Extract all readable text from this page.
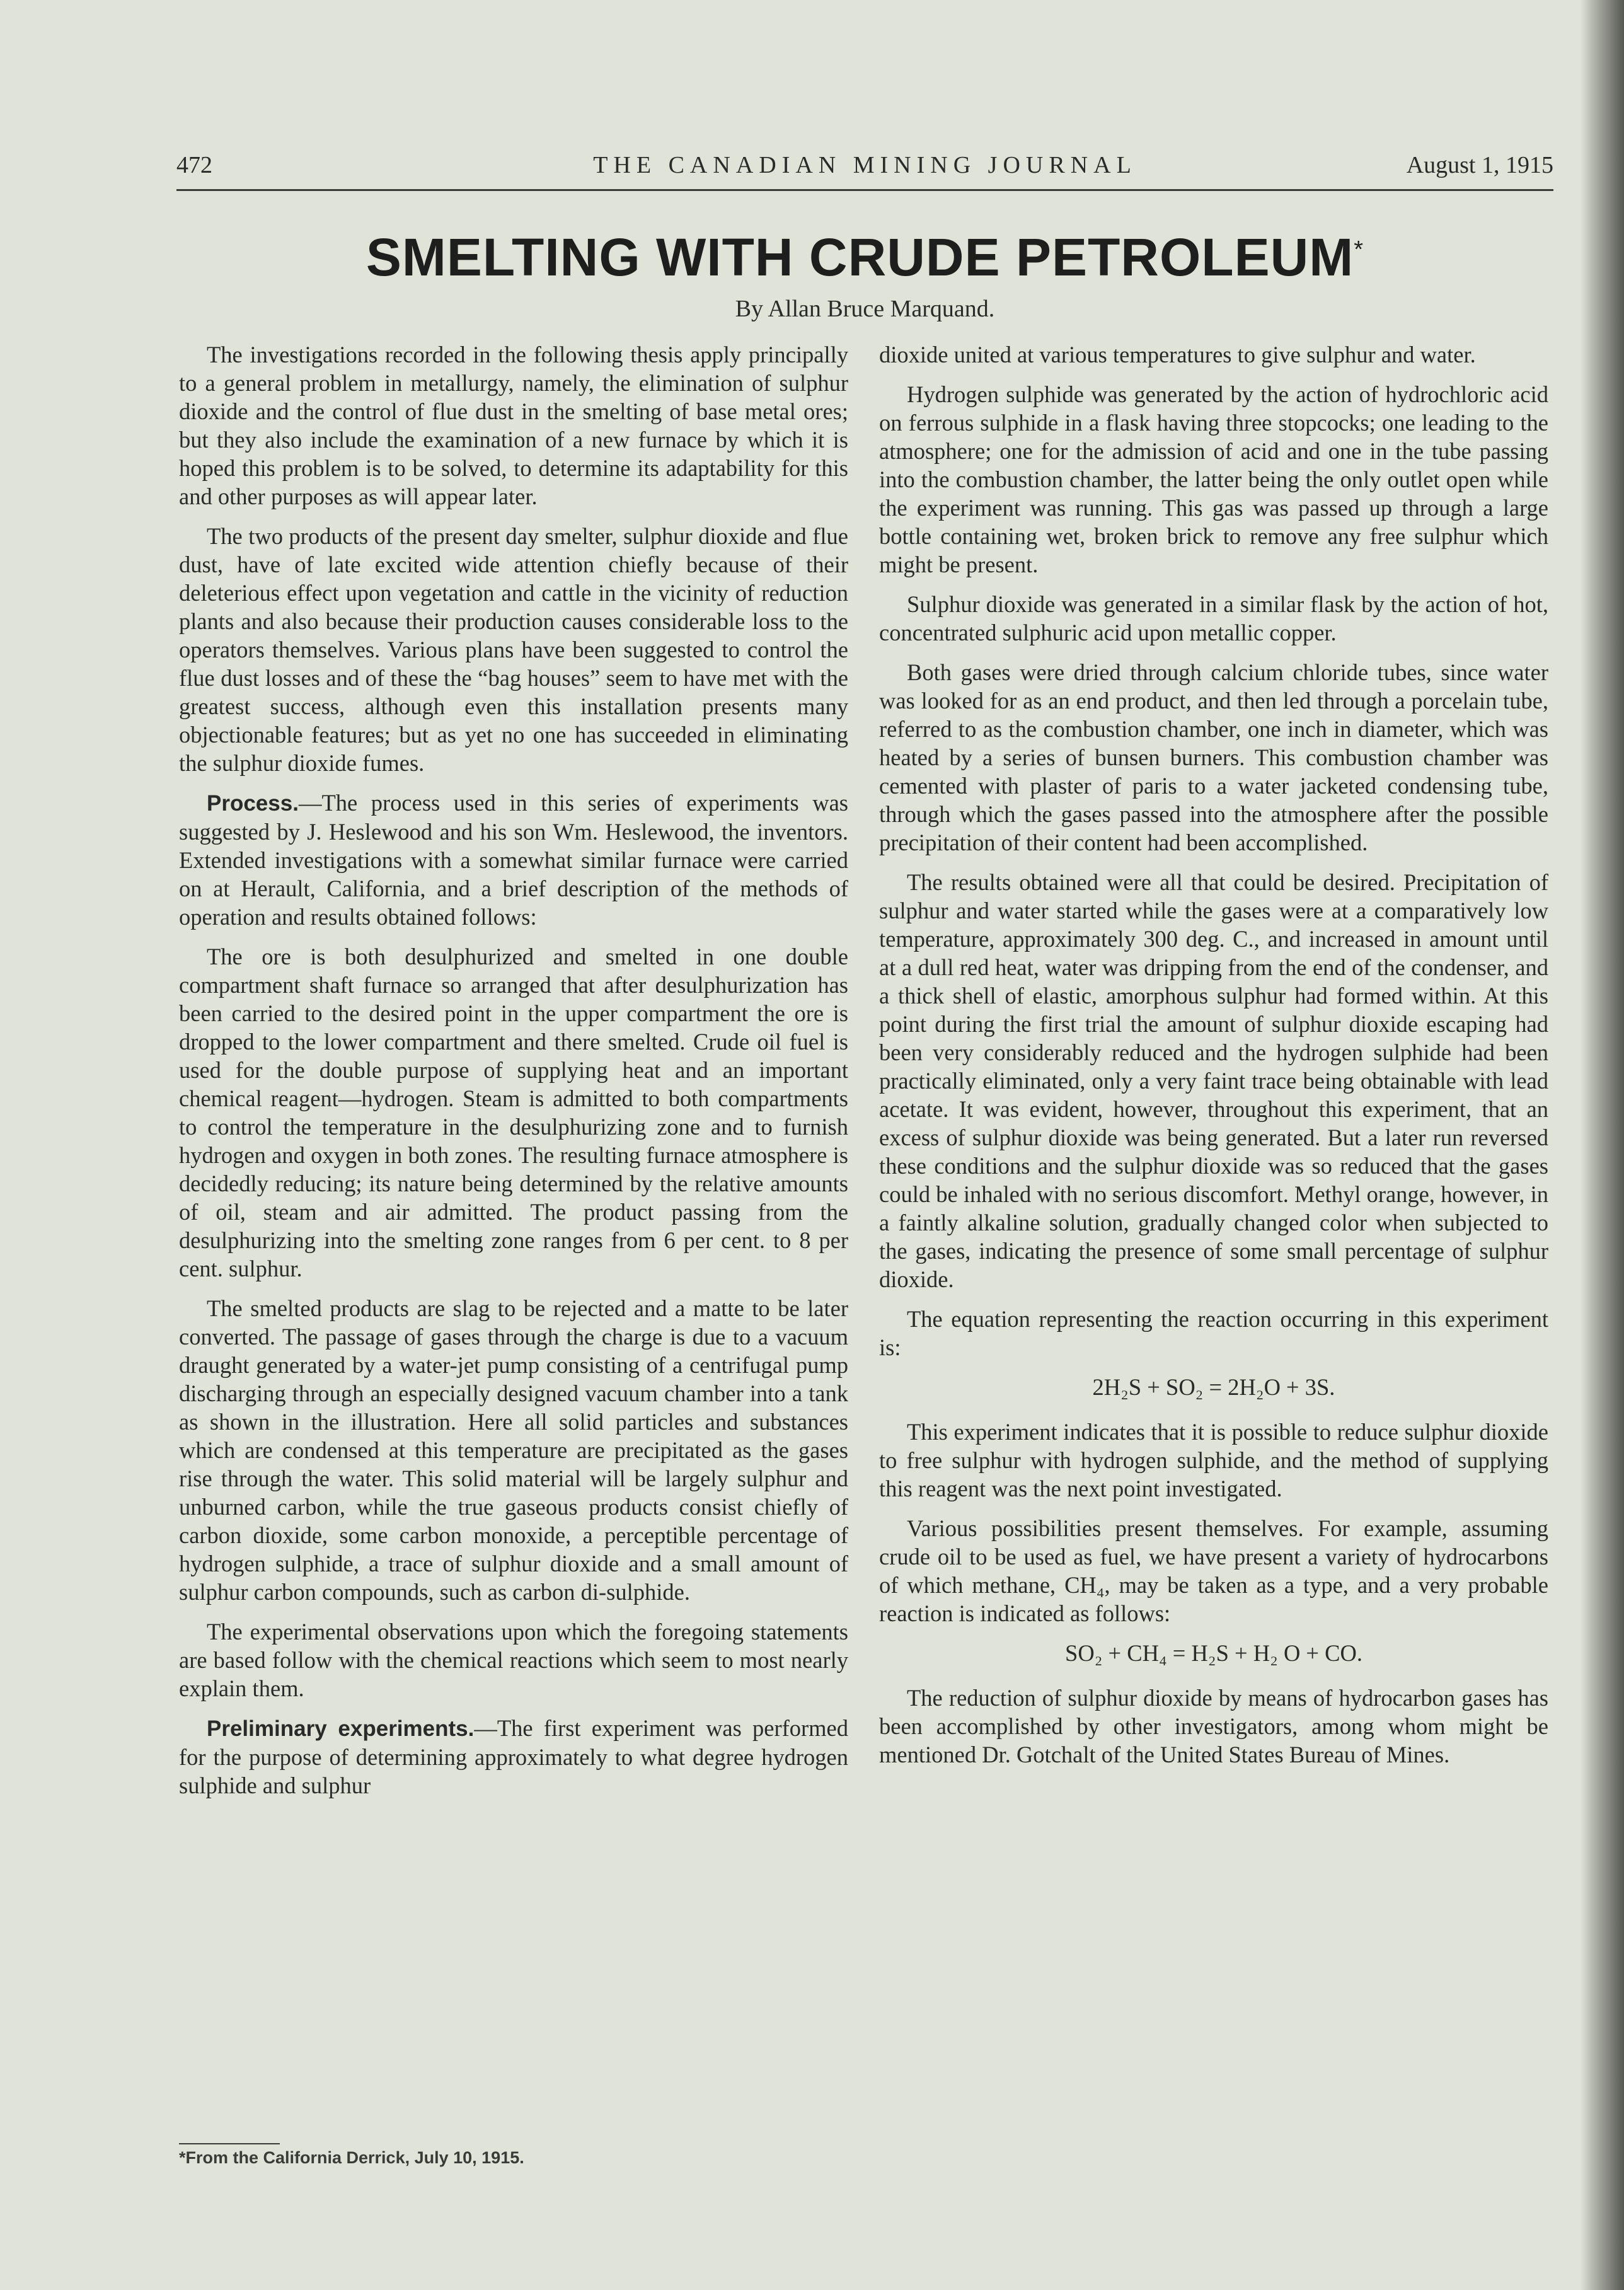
472	THE CANADIAN MINING JOURNAL	August 1, 1915
SMELTING WITH CRUDE PETROLEUM*
By Allan Bruce Marquand.

The investigations recorded in the following thesis apply principally to a general problem in metallurgy, namely, the elimination of sulphur dioxide and the control of flue dust in the smelting of base metal ores; but they also include the examination of a new furnace by which it is hoped this problem is to be solved, to determine its adaptability for this and other purposes as will appear later.

The two products of the present day smelter, sulphur dioxide and flue dust, have of late excited wide attention chiefly because of their deleterious effect upon vegetation and cattle in the vicinity of reduction plants and also because their production causes considerable loss to the operators themselves. Various plans have been suggested to control the flue dust losses and of these the “bag houses” seem to have met with the greatest success, although even this installation presents many objectionable features; but as yet no one has succeeded in eliminating the sulphur dioxide fumes.

Process.—The process used in this series of experiments was suggested by J. Heslewood and his son Wm. Heslewood, the inventors. Extended investigations with a somewhat similar furnace were carried on at Herault, California, and a brief description of the methods of operation and results obtained follows:

The ore is both desulphurized and smelted in one double compartment shaft furnace so arranged that after desulphurization has been carried to the desired point in the upper compartment the ore is dropped to the lower compartment and there smelted. Crude oil fuel is used for the double purpose of supplying heat and an important chemical reagent—hydrogen. Steam is admitted to both compartments to control the temperature in the desulphurizing zone and to furnish hydrogen and oxygen in both zones. The resulting furnace atmosphere is decidedly reducing; its nature being determined by the relative amounts of oil, steam and air admitted. The product passing from the desulphurizing into the smelting zone ranges from 6 per cent. to 8 per cent. sulphur.

The smelted products are slag to be rejected and a matte to be later converted. The passage of gases through the charge is due to a vacuum draught generated by a water-jet pump consisting of a centrifugal pump discharging through an especially designed vacuum chamber into a tank as shown in the illustration. Here all solid particles and substances which are condensed at this temperature are precipitated as the gases rise through the water. This solid material will be largely sulphur and unburned carbon, while the true gaseous products consist chiefly of carbon dioxide, some carbon monoxide, a perceptible percentage of hydrogen sulphide, a trace of sulphur dioxide and a small amount of sulphur carbon compounds, such as carbon di-sulphide.

The experimental observations upon which the foregoing statements are based follow with the chemical reactions which seem to most nearly explain them.

Preliminary experiments.—The first experiment was performed for the purpose of determining approximately to what degree hydrogen sulphide and sulphur

dioxide united at various temperatures to give sulphur and water.

Hydrogen sulphide was generated by the action of hydrochloric acid on ferrous sulphide in a flask having three stopcocks; one leading to the atmosphere; one for the admission of acid and one in the tube passing into the combustion chamber, the latter being the only outlet open while the experiment was running. This gas was passed up through a large bottle containing wet, broken brick to remove any free sulphur which might be present.

Sulphur dioxide was generated in a similar flask by the action of hot, concentrated sulphuric acid upon metallic copper.

Both gases were dried through calcium chloride tubes, since water was looked for as an end product, and then led through a porcelain tube, referred to as the combustion chamber, one inch in diameter, which was heated by a series of bunsen burners. This combustion chamber was cemented with plaster of paris to a water jacketed condensing tube, through which the gases passed into the atmosphere after the possible precipitation of their content had been accomplished.

The results obtained were all that could be desired. Precipitation of sulphur and water started while the gases were at a comparatively low temperature, approximately 300 deg. C., and increased in amount until at a dull red heat, water was dripping from the end of the condenser, and a thick shell of elastic, amorphous sulphur had formed within. At this point during the first trial the amount of sulphur dioxide escaping had been very considerably reduced and the hydrogen sulphide had been practically eliminated, only a very faint trace being obtainable with lead acetate. It was evident, however, throughout this experiment, that an excess of sulphur dioxide was being generated. But a later run reversed these conditions and the sulphur dioxide was so reduced that the gases could be inhaled with no serious discomfort. Methyl orange, however, in a faintly alkaline solution, gradually changed color when subjected to the gases, indicating the presence of some small percentage of sulphur dioxide.

The equation representing the reaction occurring in this experiment is:

2H₂S + SO₂ = 2H₂O + 3S.

This experiment indicates that it is possible to reduce sulphur dioxide to free sulphur with hydrogen sulphide, and the method of supplying this reagent was the next point investigated.

Various possibilities present themselves. For example, assuming crude oil to be used as fuel, we have present a variety of hydrocarbons of which methane, CH₄, may be taken as a type, and a very probable reaction is indicated as follows:

SO₂ + CH₄ = H₂S + H₂ O + CO.

The reduction of sulphur dioxide by means of hydrocarbon gases has been accomplished by other investigators, among whom might be mentioned Dr. Gotchalt of the United States Bureau of Mines.

*From the California Derrick, July 10, 1915.
